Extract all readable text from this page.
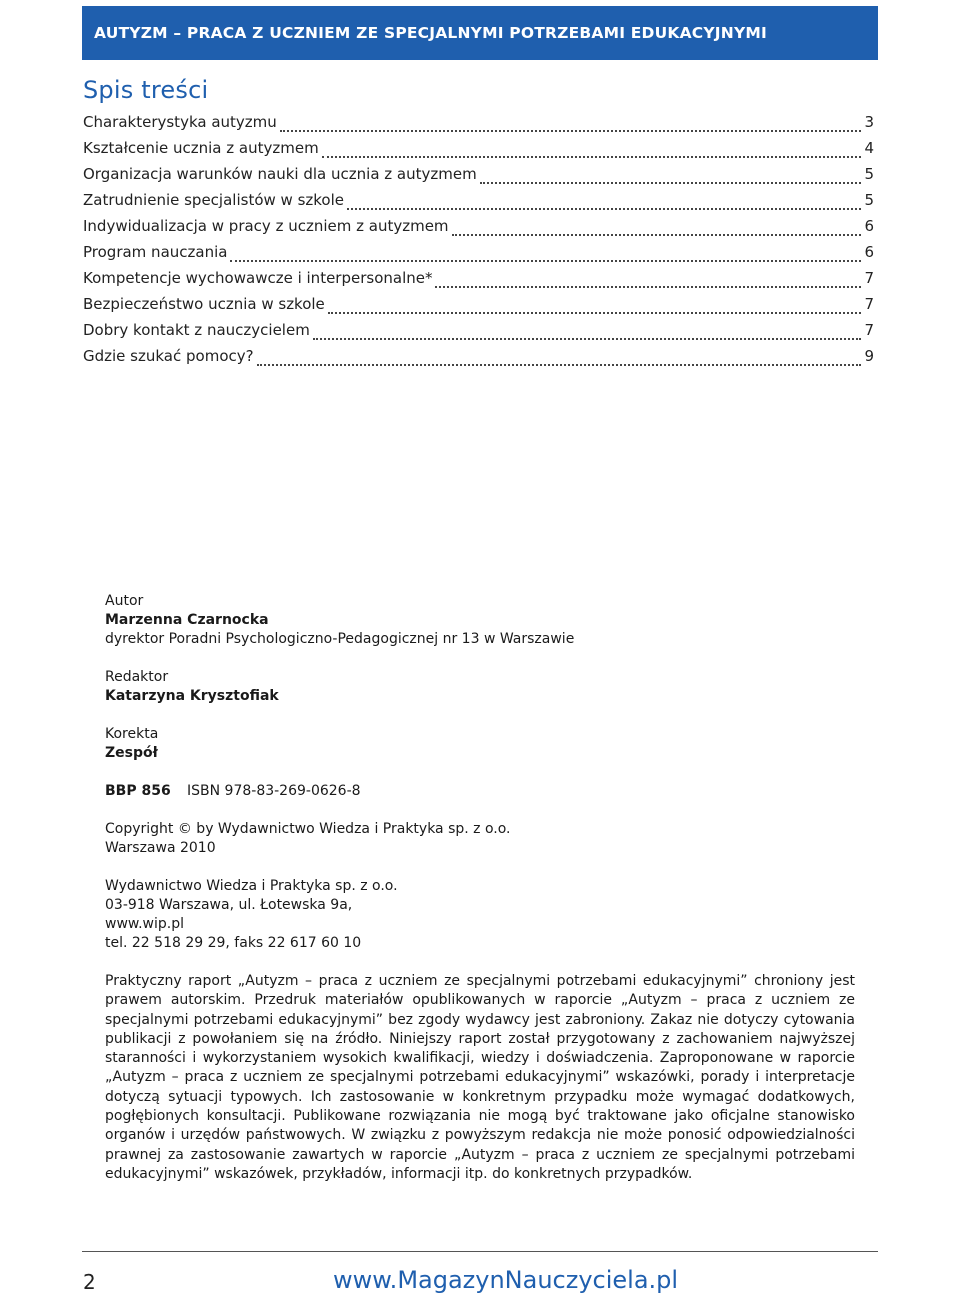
AUTYZM – PRACA Z UCZNIEM ZE SPECJALNYMI POTRZEBAMI EDUKACYJNYMI
Spis treści
Charakterystyka autyzmu	3
Kształcenie ucznia z autyzmem	4
Organizacja warunków nauki dla ucznia z autyzmem	5
Zatrudnienie specjalistów w szkole	5
Indywidualizacja w pracy z uczniem z autyzmem	6
Program nauczania	6
Kompetencje wychowawcze i interpersonalne*	7
Bezpieczeństwo ucznia w szkole	7
Dobry kontakt z nauczycielem	7
Gdzie szukać pomocy?	9
Autor
Marzenna Czarnocka
dyrektor Poradni Psychologiczno-Pedagogicznej nr 13 w Warszawie
Redaktor
Katarzyna Krysztofiak
Korekta
Zespół
BBP 856	ISBN 978-83-269-0626-8
Copyright © by Wydawnictwo Wiedza i Praktyka sp. z o.o.
Warszawa 2010
Wydawnictwo Wiedza i Praktyka sp. z o.o.
03-918 Warszawa, ul. Łotewska 9a,
www.wip.pl
tel. 22 518 29 29, faks 22 617 60 10
Praktyczny raport „Autyzm – praca z uczniem ze specjalnymi potrzebami edukacyjnymi” chroniony jest prawem autorskim. Przedruk materiałów opublikowanych w raporcie „Autyzm – praca z uczniem ze specjalnymi potrzebami edukacyjnymi” bez zgody wydawcy jest zabroniony. Zakaz nie dotyczy cytowania publikacji z powołaniem się na źródło. Niniejszy raport został przygotowany z zachowaniem najwyższej staranności i wykorzystaniem wysokich kwalifikacji, wiedzy i doświadczenia. Zaproponowane w raporcie „Autyzm – praca z uczniem ze specjalnymi potrzebami edukacyjnymi” wskazówki, porady i interpretacje dotyczą sytuacji typowych. Ich zastosowanie w konkretnym przypadku może wymagać dodatkowych, pogłębionych konsultacji. Publikowane rozwiązania nie mogą być traktowane jako oficjalne stanowisko organów i urzędów państwowych. W związku z powyższym redakcja nie może ponosić odpowiedzialności prawnej za zastosowanie zawartych w raporcie „Autyzm – praca z uczniem ze specjalnymi potrzebami edukacyjnymi” wskazówek, przykładów, informacji itp. do konkretnych przypadków.
2	www.MagazynNauczyciela.pl
